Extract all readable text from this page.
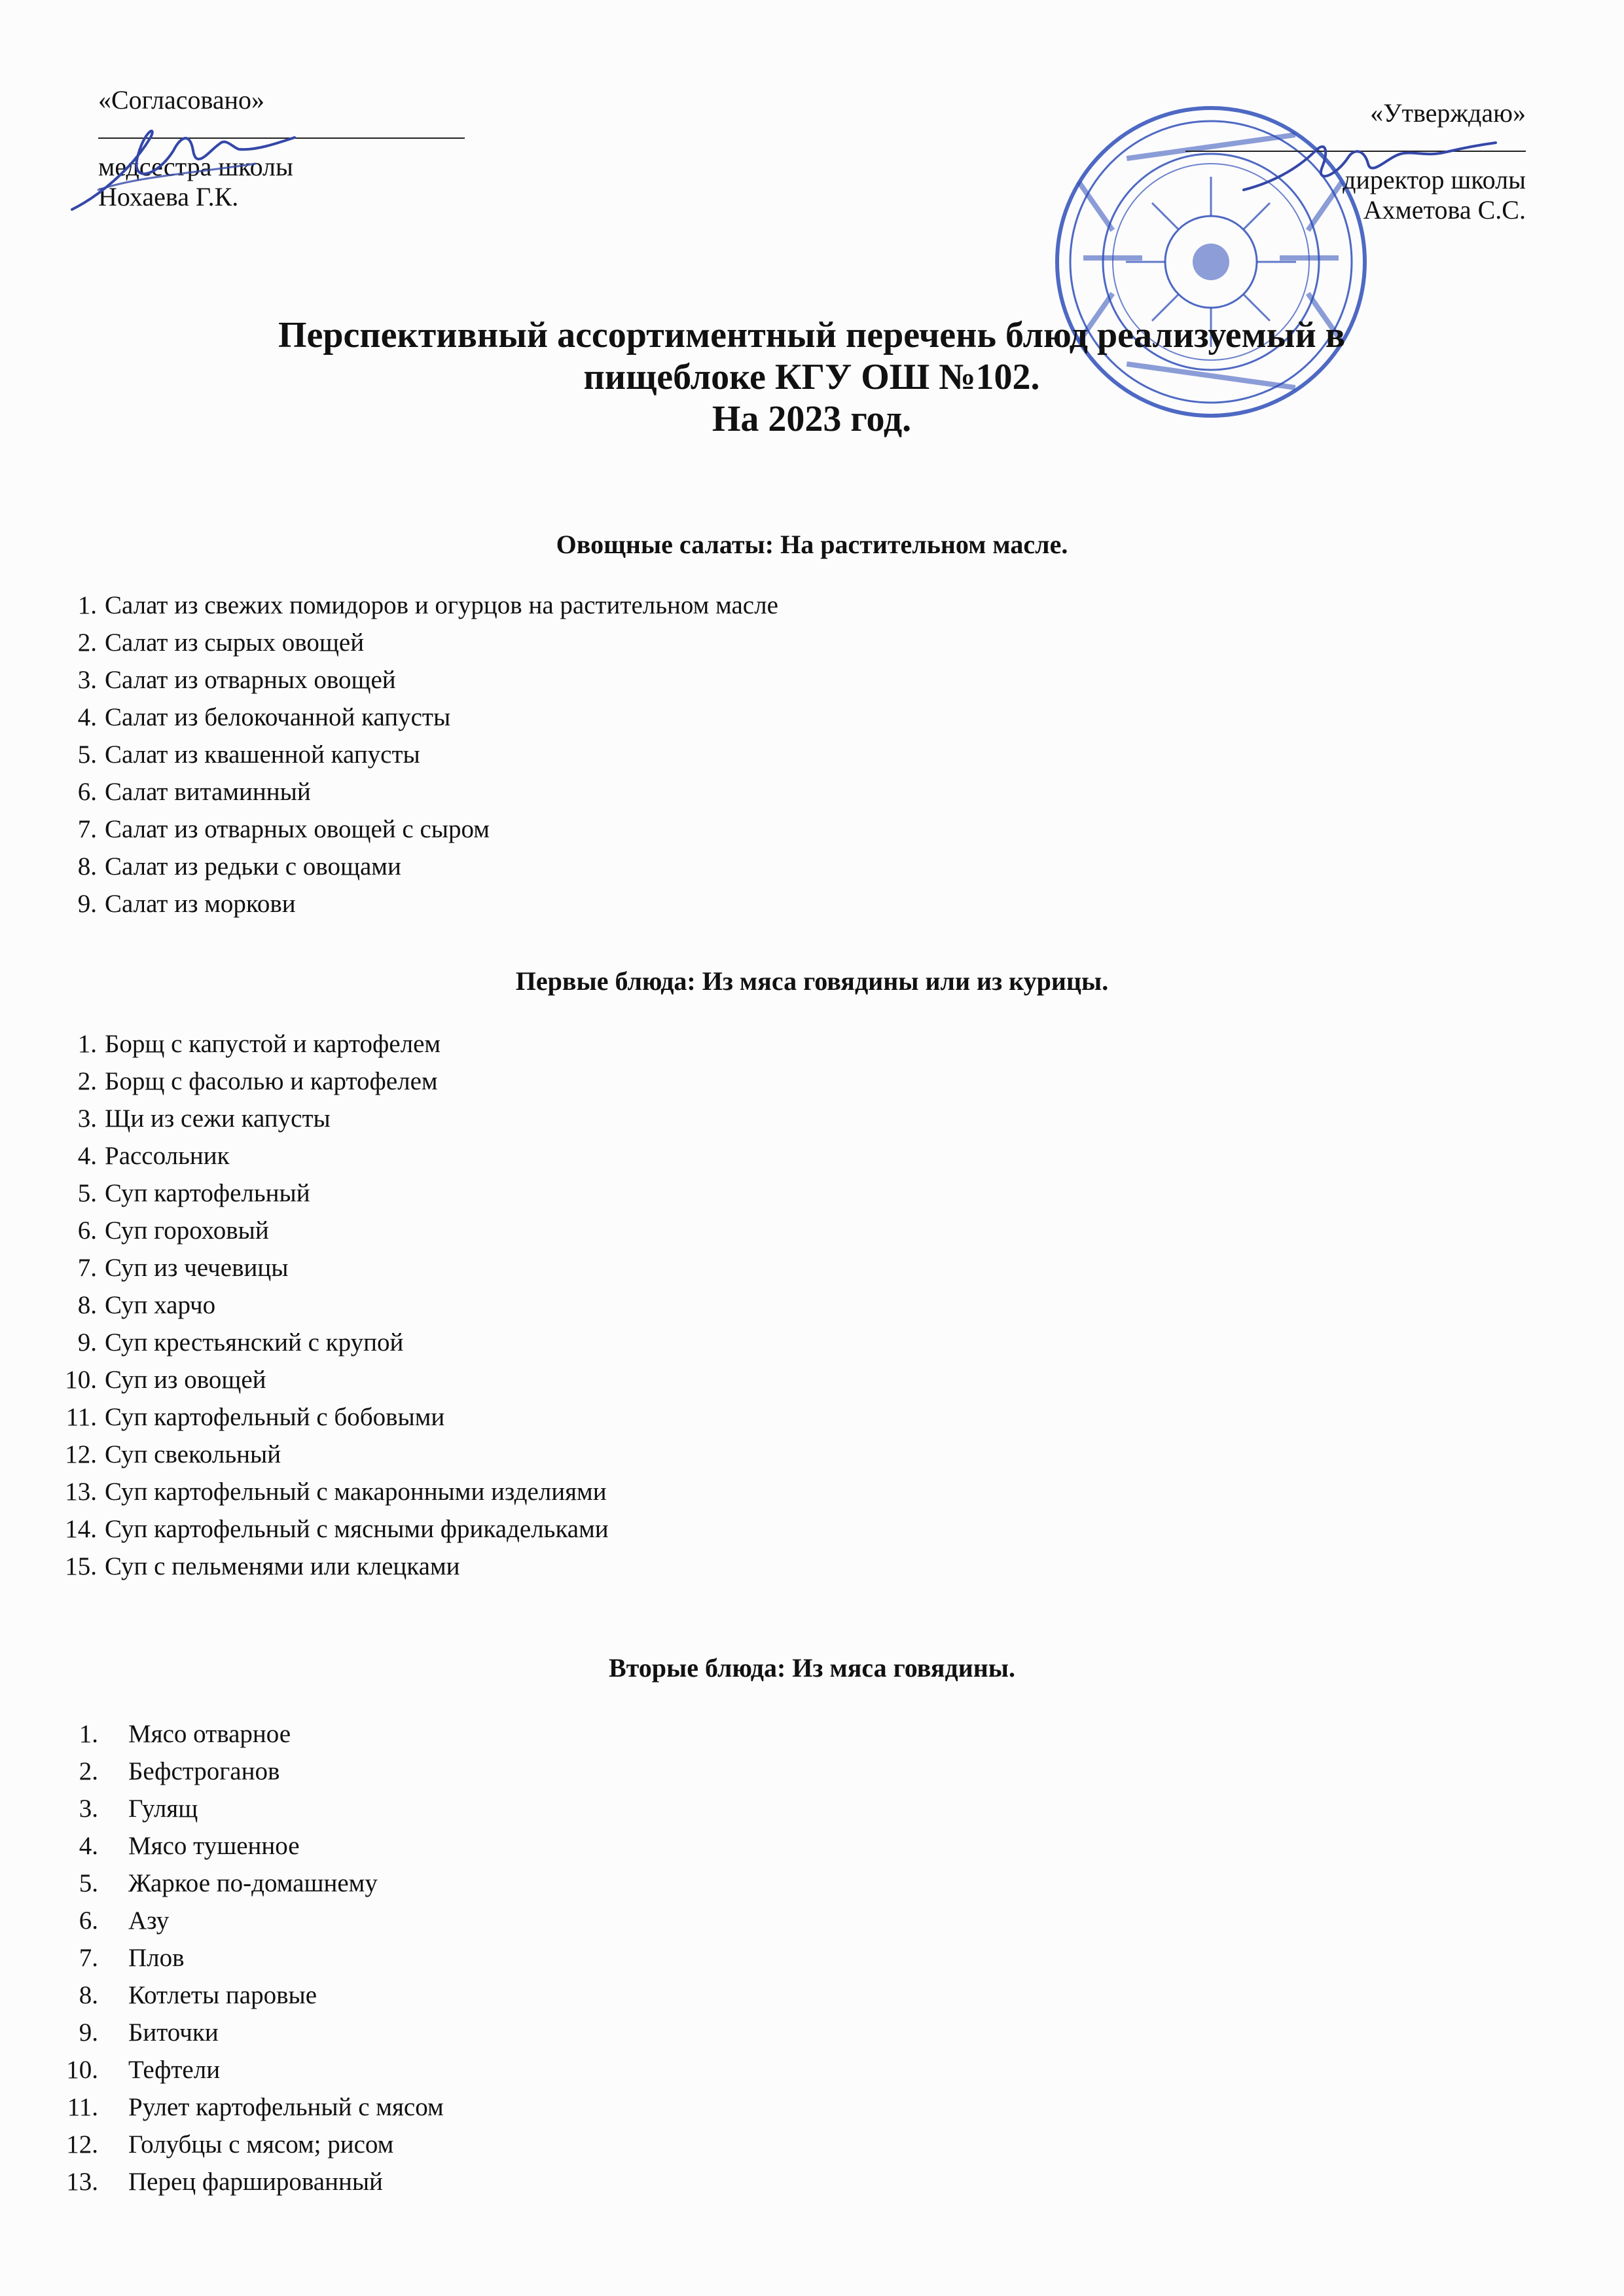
«Согласовано»
медсестра школы
Нохаева Г.К.
«Утверждаю»
директор школы
Ахметова С.С.
Перспективный ассортиментный перечень блюд реализуемый в
пищеблоке КГУ ОШ №102.
На 2023 год.
Овощные салаты: На растительном масле.
1. Салат из свежих помидоров и огурцов на растительном масле
2. Салат из сырых овощей
3. Салат из отварных овощей
4. Салат из белокочанной капусты
5. Салат из квашенной капусты
6. Салат витаминный
7. Салат из отварных овощей с сыром
8. Салат из редьки с овощами
9. Салат из моркови
Первые блюда: Из мяса говядины или из курицы.
1. Борщ с капустой и картофелем
2. Борщ с фасолью и картофелем
3. Щи из сежи капусты
4. Рассольник
5. Суп картофельный
6. Суп гороховый
7. Суп из чечевицы
8. Суп харчо
9. Суп крестьянский с крупой
10. Суп из овощей
11. Суп картофельный с бобовыми
12. Суп свекольный
13. Суп картофельный с макаронными изделиями
14. Суп картофельный с мясными фрикадельками
15. Суп с пельменями или клецками
Вторые блюда: Из мяса говядины.
1. Мясо отварное
2. Бефстроганов
3. Гулящ
4. Мясо тушенное
5. Жаркое по-домашнему
6. Азу
7. Плов
8. Котлеты паровые
9. Биточки
10. Тефтели
11. Рулет картофельный с мясом
12. Голубцы с мясом; рисом
13. Перец фаршированный
